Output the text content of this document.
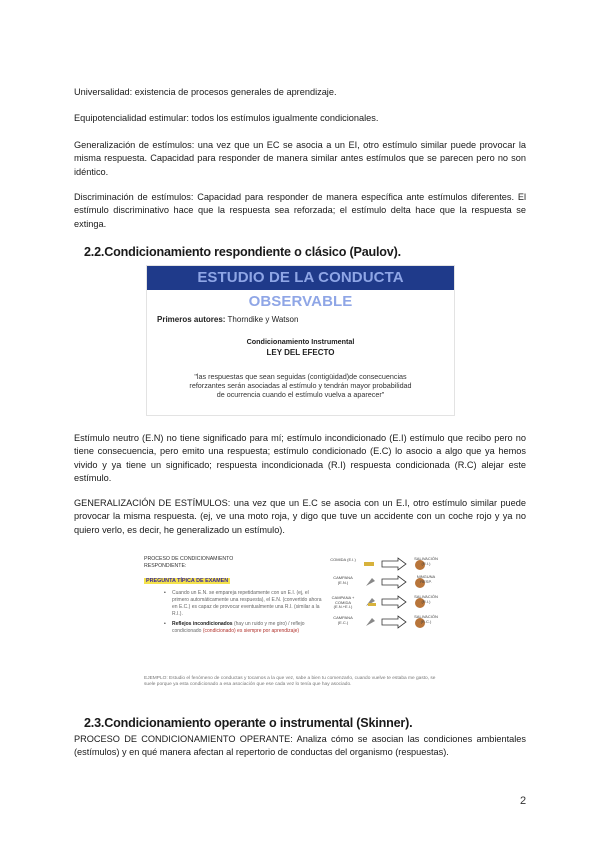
Universalidad: existencia de procesos generales de aprendizaje.

Equipotencialidad estimular: todos los estímulos igualmente condicionales.

Generalización de estímulos: una vez que un EC se asocia a un EI, otro estímulo similar puede provocar la misma respuesta. Capacidad para responder de manera similar antes estímulos que se parecen pero no son idéntico.

Discriminación de estímulos: Capacidad para responder de manera específica ante estímulos diferentes. El estímulo discriminativo hace que la respuesta sea reforzada; el estímulo delta hace que la respuesta se extinga.

2.2.Condicionamiento respondiente o clásico (Paulov).
ESTUDIO DE LA CONDUCTA OBSERVABLE
Primeros autores: Thorndike y Watson
Condicionamiento Instrumental
LEY DEL EFECTO
"las respuestas que sean seguidas (contigüidad)de consecuencias reforzantes serán asociadas al estímulo y tendrán mayor probabilidad de ocurrencia cuando el estímulo vuelva a aparecer"

Estímulo neutro (E.N) no tiene significado para mí; estímulo incondicionado (E.I) estímulo que recibo pero no tiene consecuencia, pero emito una respuesta; estímulo condicionado (E.C) lo asocio a algo que ya hemos vivido y ya tiene un significado; respuesta incondicionada (R.I) respuesta condicionada (R.C) alejar este estímulo.

GENERALIZACIÓN DE ESTÍMULOS: una vez que un E.C se asocia con un E.I, otro estímulo similar puede provocar la misma respuesta. (ej, ve una moto roja, y digo que tuve un accidente con un coche rojo y ya no quiero verlo, es decir, he generalizado un estímulo).

PROCESO DE CONDICIONAMIENTO
RESPONDIENTE:
PREGUNTA TÍPICA DE EXAMEN
• Cuando un E.N. se empareja repetidamente con un E.I. (ej, el primero automáticamente una respuesta), el E.N. (convertido ahora en E.C.) es capaz de provocar eventualmente una R.I. (similar a la R.I.).
• Reflejos incondicionados (hay un ruido y me giro) / reflejo condicionado (condicionado) es siempre por aprendizaje)
COMIDA (E.I.)	SALIVACIÓN (R.I.)
CAMPANA (E.N.)
NINGUNA RESP.
CAMPANA + COMIDA (E.N.+E.I.)
SALIVACIÓN (R.I.)
CAMPANA (E.C.)
SALIVACIÓN (R.C.)
EJEMPLO: Estudio el fenómeno de conductas y tocamos a la que vez, sabe a bien tu comenzarlo, cuando vuelve te estaba me gasto, se suele porque ya esta condicionado a esa asociación que ese cada vez lo tenía que hay asociado.
2.3.Condicionamiento operante o instrumental (Skinner).

PROCESO DE CONDICIONAMIENTO OPERANTE: Analiza cómo se asocian las condiciones ambientales (estímulos) y en qué manera afectan al repertorio de conductas del organismo (respuestas).

2
